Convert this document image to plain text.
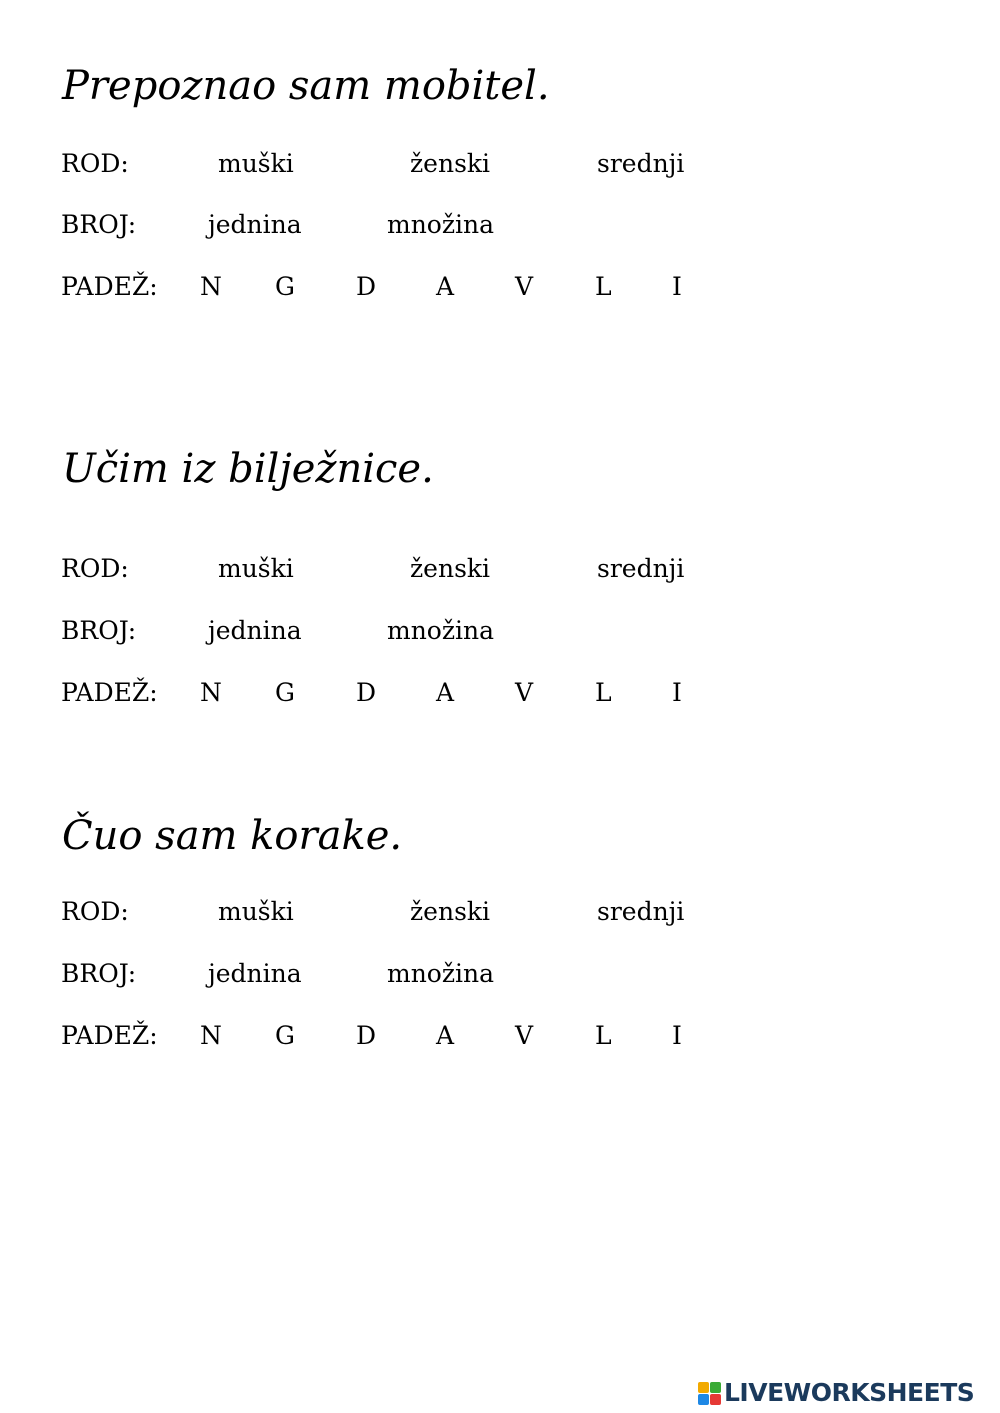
Prepoznao sam mobitel.
ROD:	muški	ženski	srednji
BROJ:	jednina	množina
PADEŽ: N G D A V L I
Učim iz bilježnice.
ROD:	muški	ženski	srednji
BROJ:	jednina	množina
PADEŽ: N G D A V L I
Čuo sam korake.
ROD:	muški	ženski	srednji
BROJ:	jednina	množina
PADEŽ: N G D A V L I
LIVEWORKSHEETS
